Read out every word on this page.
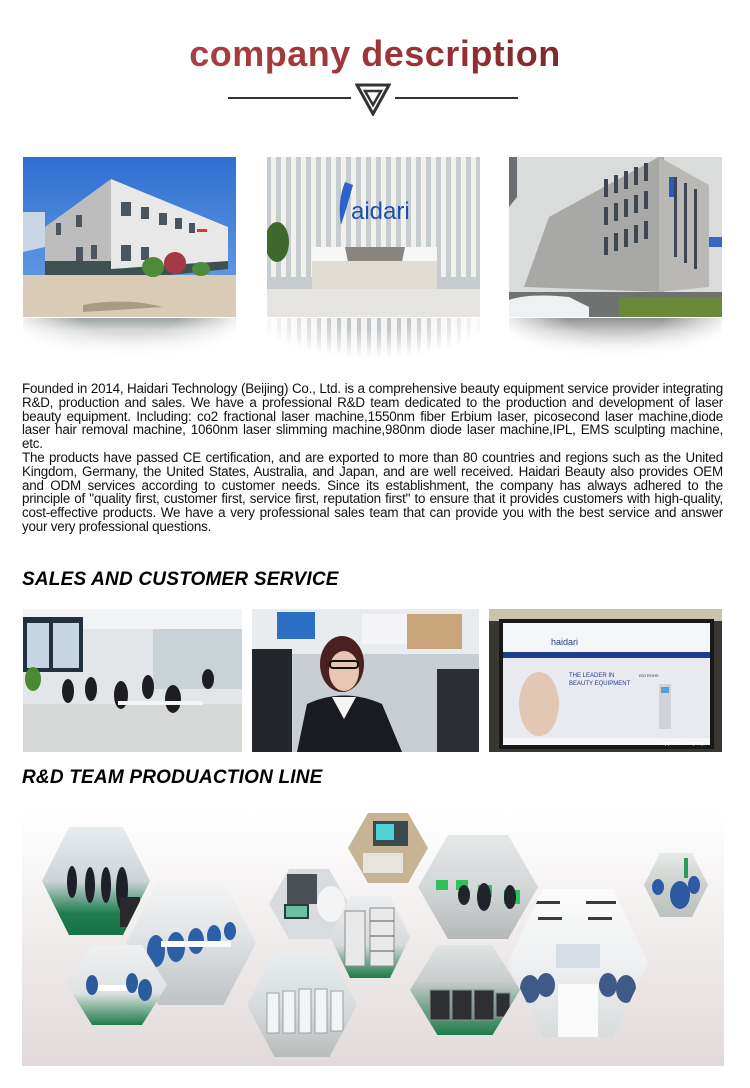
company description
aidari

Founded in 2014, Haidari Technology (Beijing) Co., Ltd. is a comprehensive beauty equipment service provider integrating R&D, production and sales. We have a professional R&D team dedicated to the production and development of laser beauty equipment. Including: co2 fractional laser machine,1550nm fiber Erbium laser, picosecond laser machine,diode laser hair removal machine, 1060nm laser slimming machine,980nm diode laser machine,IPL, EMS sculpting machine, etc.

The products have passed CE certification, and are exported to more than 80 countries and regions such as the United Kingdom, Germany, the United States, Australia, and Japan, and are well received. Haidari Beauty also provides OEM and ODM services according to customer needs. Since its establishment, the company has always adhered to the principle of "quality first, customer first, service first, reputation first" to ensure that it provides customers with high-quality, cost-effective products. We have a very professional sales team that can provide you with the best service and answer your very professional questions.

SALES AND CUSTOMER SERVICE
haidari
THE LEADER IN
BEAUTY EQUIPMENT
ISO ROHS
Supplier's Company
R&D TEAM PRODUACTION LINE
